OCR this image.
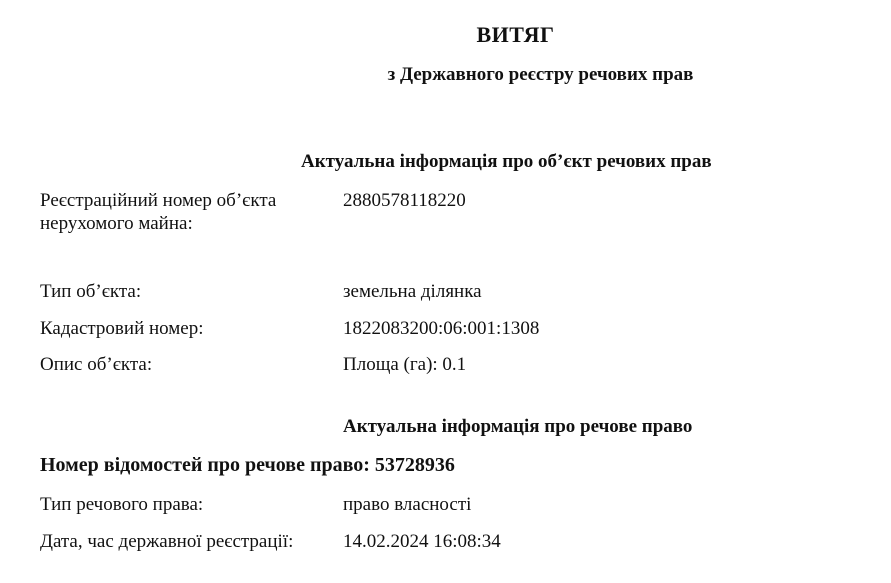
ВИТЯГ
з Державного реєстру речових прав
Актуальна інформація про об’єкт речових прав
Реєстраційний номер об’єкта нерухомого майна:
2880578118220
Тип об’єкта:	земельна ділянка
Кадастровий номер:	1822083200:06:001:1308
Опис об’єкта:	Площа (га): 0.1
Актуальна інформація про речове право
Номер відомостей про речове право: 53728936
Тип речового права:	право власності
Дата, час державної реєстрації:	14.02.2024 16:08:34
